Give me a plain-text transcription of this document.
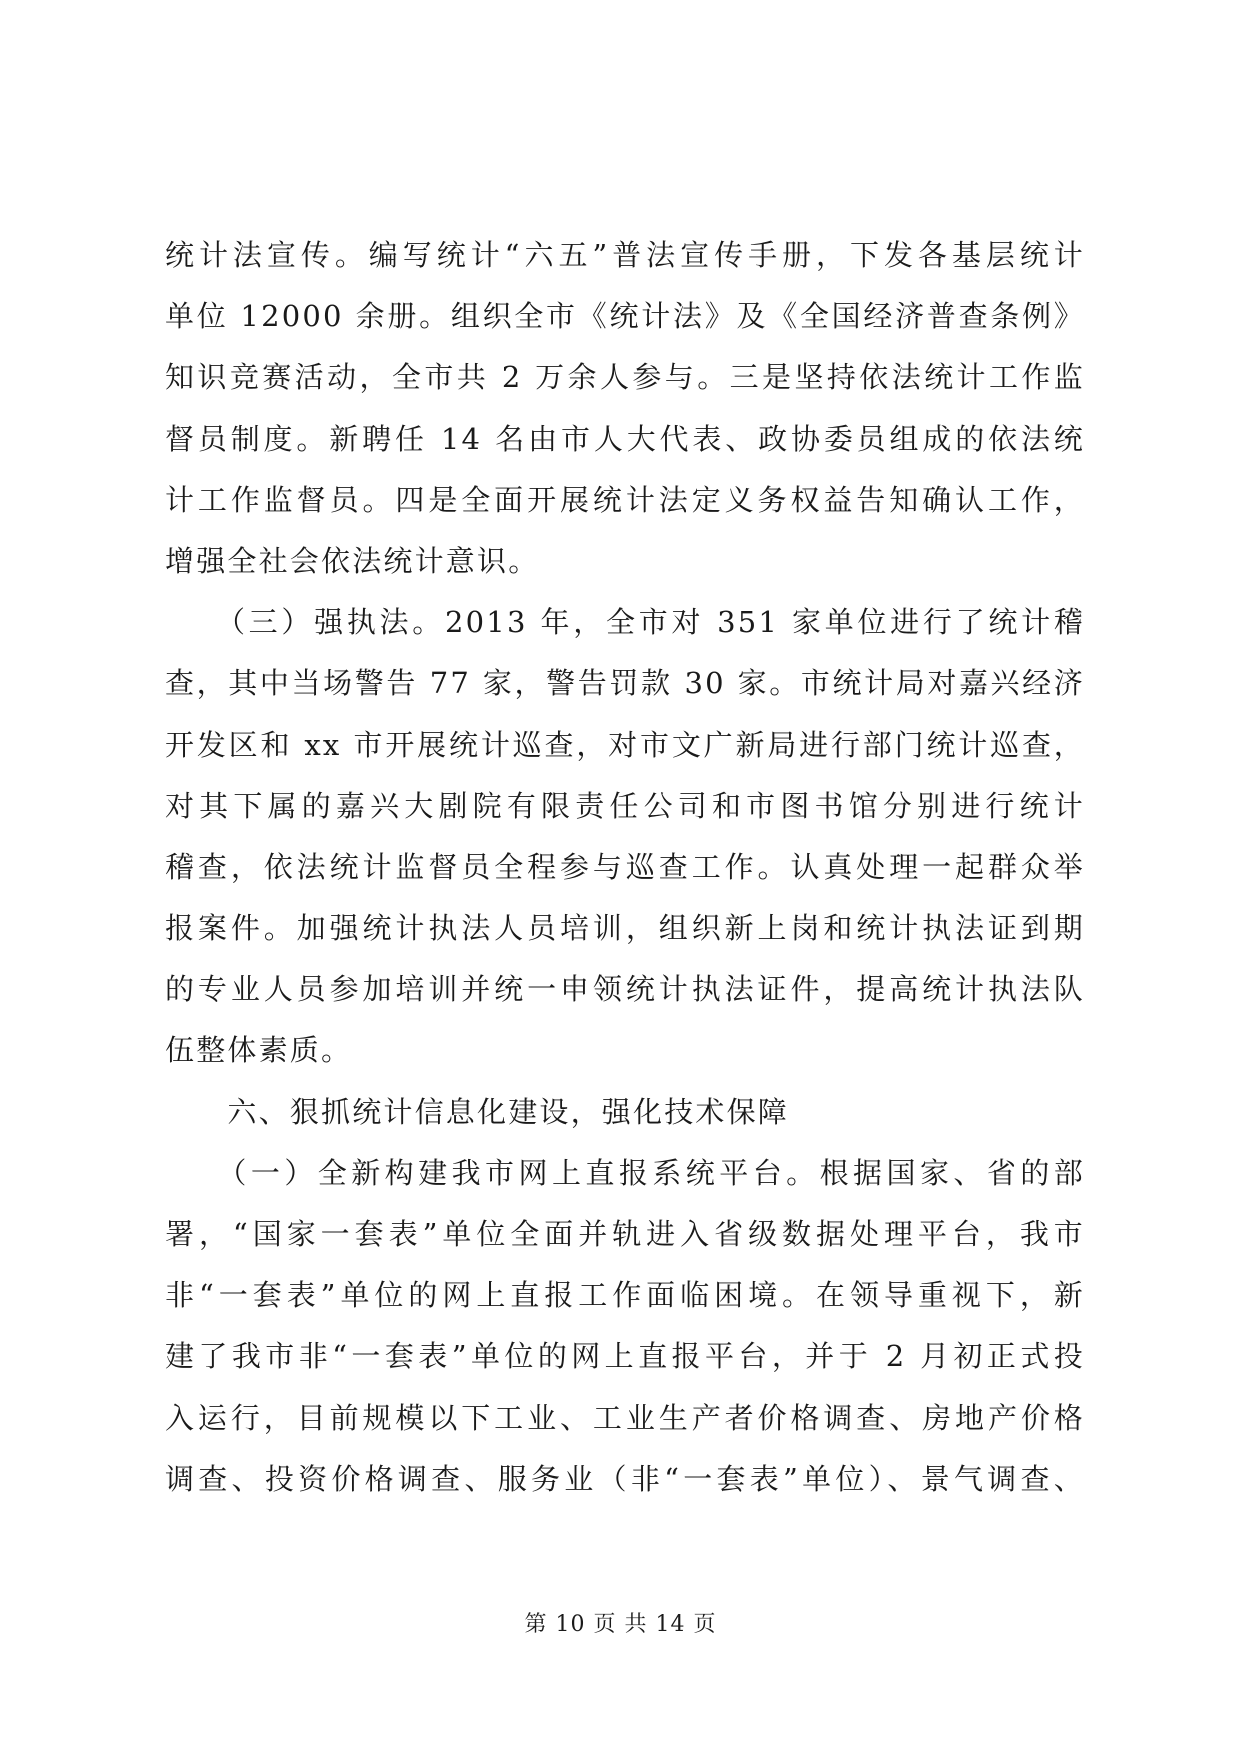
统计法宣传。编写统计“六五”普法宣传手册，下发各基层统计
单位 12000 余册。组织全市《统计法》及《全国经济普查条例》
知识竞赛活动，全市共 2 万余人参与。三是坚持依法统计工作监
督员制度。新聘任 14 名由市人大代表、政协委员组成的依法统
计工作监督员。四是全面开展统计法定义务权益告知确认工作，
增强全社会依法统计意识。
　　（三）强执法。2013 年，全市对 351 家单位进行了统计稽
查，其中当场警告 77 家，警告罚款 30 家。市统计局对嘉兴经济
开发区和 xx 市开展统计巡查，对市文广新局进行部门统计巡查，
对其下属的嘉兴大剧院有限责任公司和市图书馆分别进行统计
稽查，依法统计监督员全程参与巡查工作。认真处理一起群众举
报案件。加强统计执法人员培训，组织新上岗和统计执法证到期
的专业人员参加培训并统一申领统计执法证件，提高统计执法队
伍整体素质。
　　六、狠抓统计信息化建设，强化技术保障
　　（一）全新构建我市网上直报系统平台。根据国家、省的部
署，“国家一套表”单位全面并轨进入省级数据处理平台，我市
非“一套表”单位的网上直报工作面临困境。在领导重视下，新
建了我市非“一套表”单位的网上直报平台，并于 2 月初正式投
入运行，目前规模以下工业、工业生产者价格调查、房地产价格
调查、投资价格调查、服务业（非“一套表”单位）、景气调查、
第 10 页 共 14 页
